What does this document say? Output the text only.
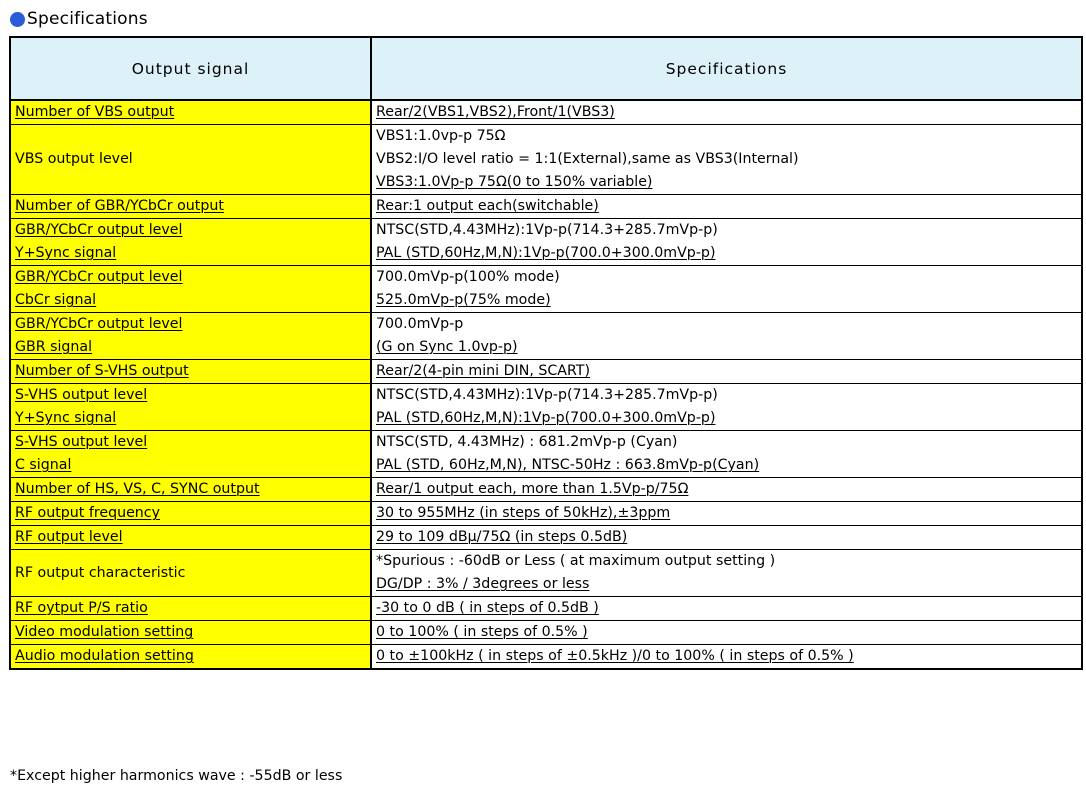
Specifications
Output signal	Specifications

Number of VBS output	Rear/2(VBS1,VBS2),Front/1(VBS3)

VBS output level	VBS1:1.0vp-p 75Ω
VBS2:I/O level ratio = 1:1(External),same as VBS3(Internal)
VBS3:1.0Vp-p 75Ω(0 to 150% variable)

Number of GBR/YCbCr output	Rear:1 output each(switchable)

GBR/YCbCr output level
Y+Sync signal	NTSC(STD,4.43MHz):1Vp-p(714.3+285.7mVp-p)
PAL (STD,60Hz,M,N):1Vp-p(700.0+300.0mVp-p)

GBR/YCbCr output level
CbCr signal	700.0mVp-p(100% mode)
525.0mVp-p(75% mode)

GBR/YCbCr output level
GBR signal	700.0mVp-p
(G on Sync 1.0vp-p)

Number of S-VHS output	Rear/2(4-pin mini DIN, SCART)

S-VHS output level
Y+Sync signal	NTSC(STD,4.43MHz):1Vp-p(714.3+285.7mVp-p)
PAL (STD,60Hz,M,N):1Vp-p(700.0+300.0mVp-p)

S-VHS output level
C signal	NTSC(STD, 4.43MHz) : 681.2mVp-p (Cyan)
PAL (STD, 60Hz,M,N), NTSC-50Hz : 663.8mVp-p(Cyan)

Number of HS, VS, C, SYNC output	Rear/1 output each, more than 1.5Vp-p/75Ω

RF output frequency	30 to 955MHz (in steps of 50kHz),±3ppm

RF output level	29 to 109 dBμ/75Ω (in steps 0.5dB)

RF output characteristic	*Spurious : -60dB or Less ( at maximum output setting )
DG/DP : 3% / 3degrees or less

RF oytput P/S ratio	-30 to 0 dB ( in steps of 0.5dB )

Video modulation setting	0 to 100% ( in steps of 0.5% )

Audio modulation setting	0 to ±100kHz ( in steps of ±0.5kHz )/0 to 100% ( in steps of 0.5% )
*Except higher harmonics wave : -55dB or less
